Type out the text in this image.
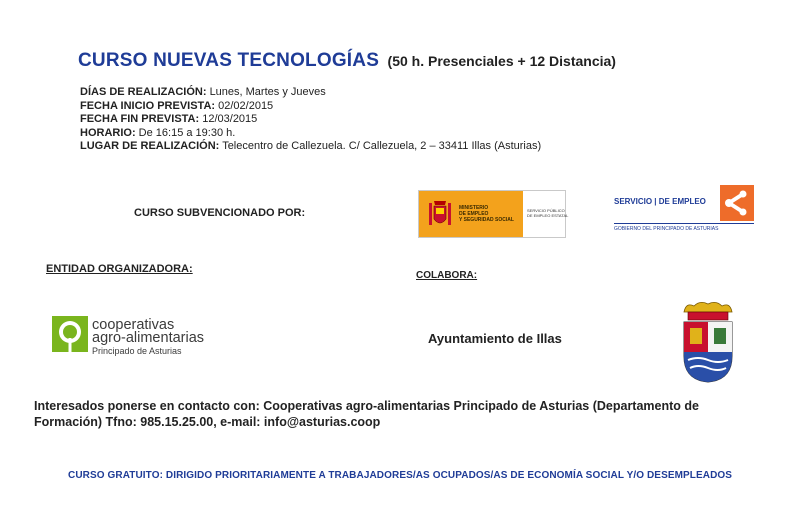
CURSO NUEVAS TECNOLOGÍAS (50 h. Presenciales + 12 Distancia)
DÍAS DE REALIZACIÓN: Lunes, Martes y Jueves
FECHA INICIO PREVISTA: 02/02/2015
FECHA FIN PREVISTA: 12/03/2015
HORARIO: De 16:15 a 19:30 h.
LUGAR DE REALIZACIÓN: Telecentro de Callezuela. C/ Callezuela, 2 – 33411 Illas (Asturias)
CURSO SUBVENCIONADO POR:	MINISTERIO
DE EMPLEO
Y SEGURIDAD SOCIAL
SERVICIO PÚBLICO
DE EMPLEO ESTATAL
SERVICIO | DE EMPLEO
GOBIERNO DEL PRINCIPADO DE ASTURIAS
ENTIDAD ORGANIZADORA:
COLABORA:
cooperativas
agro-alimentarias
Principado de Asturias
Ayuntamiento de Illas
Interesados ponerse en contacto con: Cooperativas agro-alimentarias Principado de Asturias (Departamento de Formación) Tfno: 985.15.25.00, e-mail: info@asturias.coop
CURSO GRATUITO: DIRIGIDO PRIORITARIAMENTE A TRABAJADORES/AS OCUPADOS/AS DE ECONOMÍA SOCIAL Y/O DESEMPLEADOS
